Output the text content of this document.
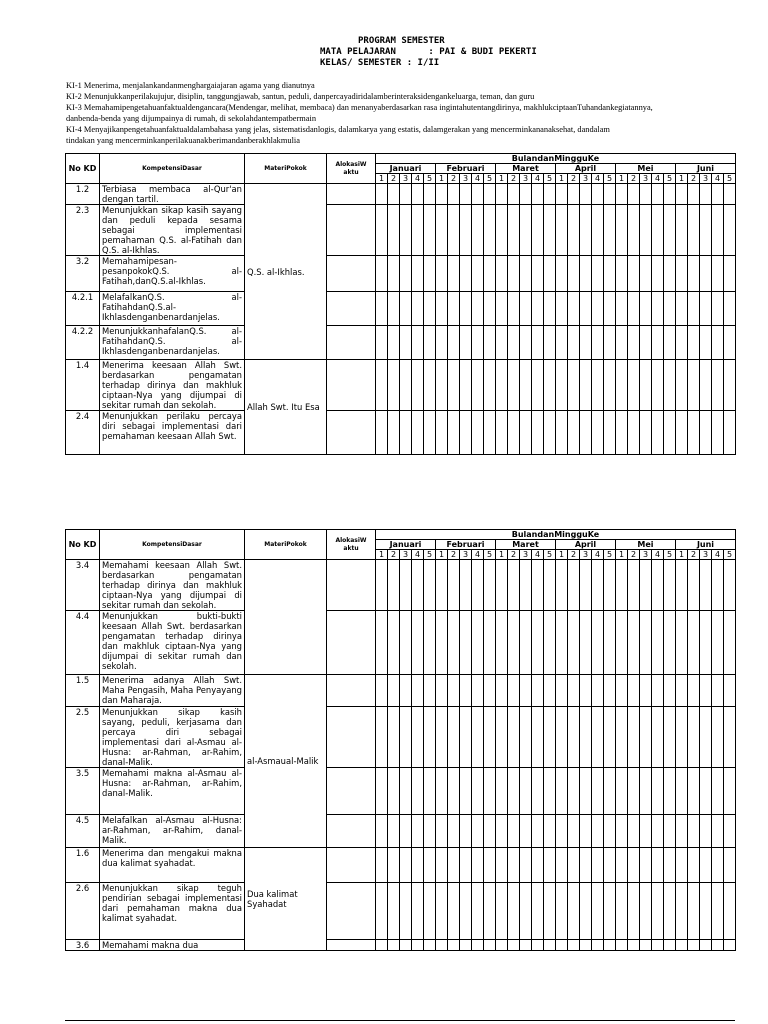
PROGRAM SEMESTER
MATA PELAJARAN      : PAI & BUDI PEKERTI
KELAS/ SEMESTER : I/II
KI-1 Menerima, menjalankandanmenghargaiajaran agama yang dianutnya
KI-2 Menunjukkanperilakujujur, disiplin, tanggungjawab, santun, peduli, danpercayadiridalamberinteraksidengankeluarga, teman, dan guru
KI-3 Memahamipengetahuanfaktualdengancara(Mendengar, melihat, membaca) dan menanyaberdasarkan rasa ingintahutentangdirinya, makhlukciptaanTuhandankegiatannya,
danbenda-benda yang dijumpainya di rumah, di sekolahdantempatbermain
KI-4 Menyajikanpengetahuanfaktualdalambahasa yang jelas, sistematisdanlogis, dalamkarya yang estatis, dalamgerakan yang mencerminkananaksehat, dandalam
tindakan yang mencerminkanperilakuanakberimandanberakhlakmulia
No KD	KompetensiDasar	MateriPokok	AlokasiW aktu	BulandanMingguKe																													
				Januari					Februari					Maret					April					Mei					Juni				
				1	2	3	4	5	1	2	3	4	5	1	2	3	4	5	1	2	3	4	5	1	2	3	4	5	1	2	3	4	5
1.2	Terbiasa membaca al-Qur'an dengan tartil.	Q.S. al-Ikhlas.																															
2.3	Menunjukkan sikap kasih sayang dan peduli kepada sesama sebagai implementasi pemahaman Q.S. al-Fatihah dan Q.S. al-Ikhlas.																																
3.2	Memahamipesan-pesanpokokQ.S. al-Fatihah,danQ.S.al-Ikhlas.																																
4.2.1	MelafalkanQ.S. al-FatihahdanQ.S.al-Ikhlasdenganbenardanjelas.																																
4.2.2	MenunjukkanhafalanQ.S. al-FatihahdanQ.S. al-Ikhlasdenganbenardanjelas.																																
1.4	Menerima keesaan Allah Swt. berdasarkan pengamatan terhadap dirinya dan makhluk ciptaan-Nya yang dijumpai di sekitar rumah dan sekolah.	Allah Swt. Itu Esa																															
2.4	Menunjukkan perilaku percaya diri sebagai implementasi dari pemahaman keesaan Allah Swt.																																
No KD	KompetensiDasar	MateriPokok	AlokasiW aktu	BulandanMingguKe																													
				Januari					Februari					Maret					April					Mei					Juni				
				1	2	3	4	5	1	2	3	4	5	1	2	3	4	5	1	2	3	4	5	1	2	3	4	5	1	2	3	4	5
3.4	Memahami keesaan Allah Swt. berdasarkan pengamatan terhadap dirinya dan makhluk ciptaan-Nya yang dijumpai di sekitar rumah dan sekolah.																																
4.4	Menunjukkan bukti-bukti keesaan Allah Swt. berdasarkan pengamatan terhadap dirinya dan makhluk ciptaan-Nya yang dijumpai di sekitar rumah dan sekolah.																																
1.5	Menerima adanya Allah Swt. Maha Pengasih, Maha Penyayang dan Maharaja.	al-Asmaual-Malik																															
2.5	Menunjukkan sikap kasih sayang, peduli, kerjasama dan percaya diri sebagai implementasi dari al-Asmau al-Husna: ar-Rahman, ar-Rahim, danal-Malik.																																
3.5	Memahami makna al-Asmau al-Husna: ar-Rahman, ar-Rahim, danal-Malik.																																
4.5	Melafalkan al-Asmau al-Husna: ar-Rahman, ar-Rahim, danal-Malik.																																
1.6	Menerima dan mengakui makna dua kalimat syahadat.	Dua kalimat Syahadat																															
2.6	Menunjukkan sikap teguh pendirian sebagai implementasi dari pemahaman makna dua kalimat syahadat.																																
3.6	Memahami makna dua																																
